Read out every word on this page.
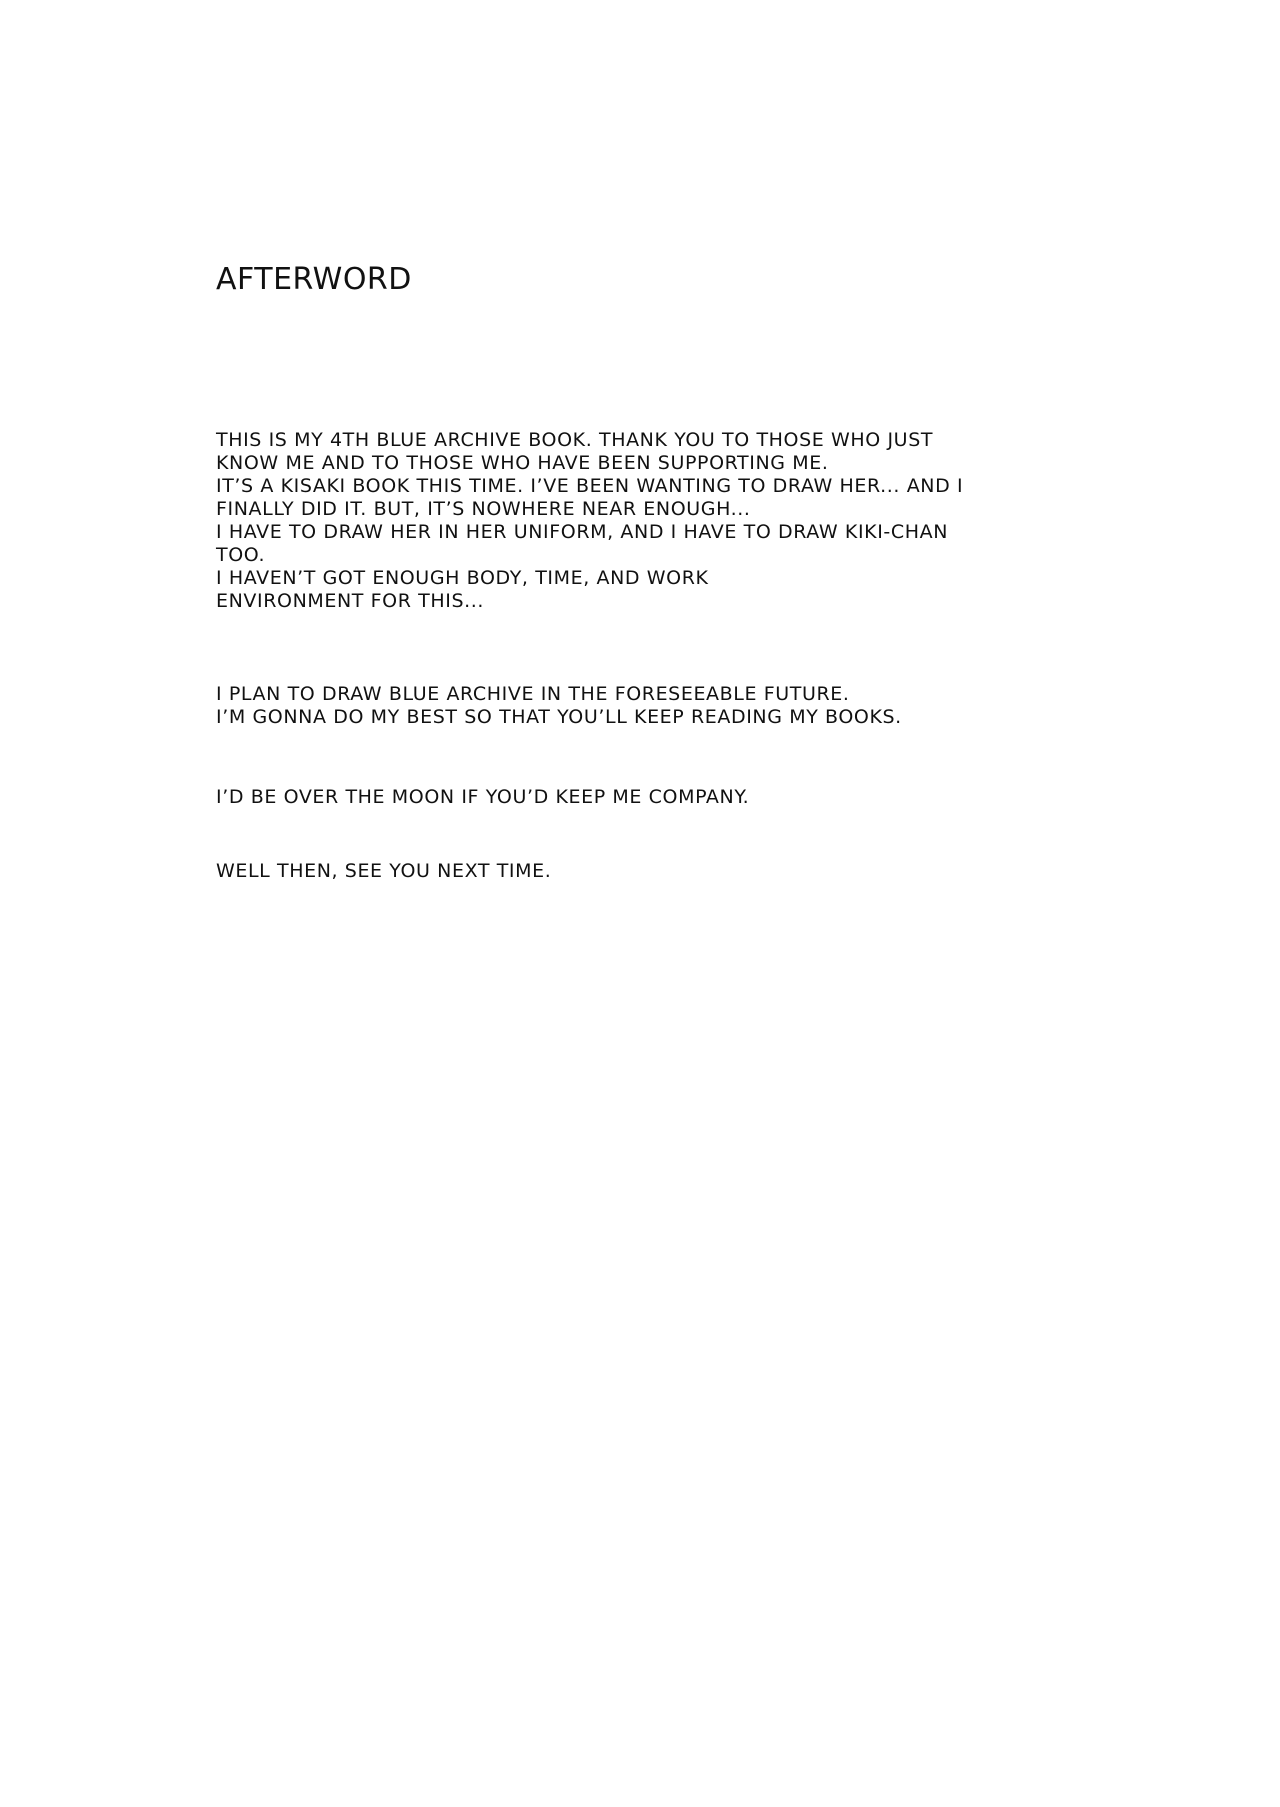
AFTERWORD
THIS IS MY 4TH BLUE ARCHIVE BOOK. THANK YOU TO THOSE WHO JUST
KNOW ME AND TO THOSE WHO HAVE BEEN SUPPORTING ME.
IT’S A KISAKI BOOK THIS TIME. I’VE BEEN WANTING TO DRAW HER... AND I
FINALLY DID IT. BUT, IT’S NOWHERE NEAR ENOUGH...
I HAVE TO DRAW HER IN HER UNIFORM, AND I HAVE TO DRAW KIKI-CHAN
TOO.
I HAVEN’T GOT ENOUGH BODY, TIME, AND WORK
ENVIRONMENT FOR THIS...
I PLAN TO DRAW BLUE ARCHIVE IN THE FORESEEABLE FUTURE.
I’M GONNA DO MY BEST SO THAT YOU’LL KEEP READING MY BOOKS.
I’D BE OVER THE MOON IF YOU’D KEEP ME COMPANY.
WELL THEN, SEE YOU NEXT TIME.
